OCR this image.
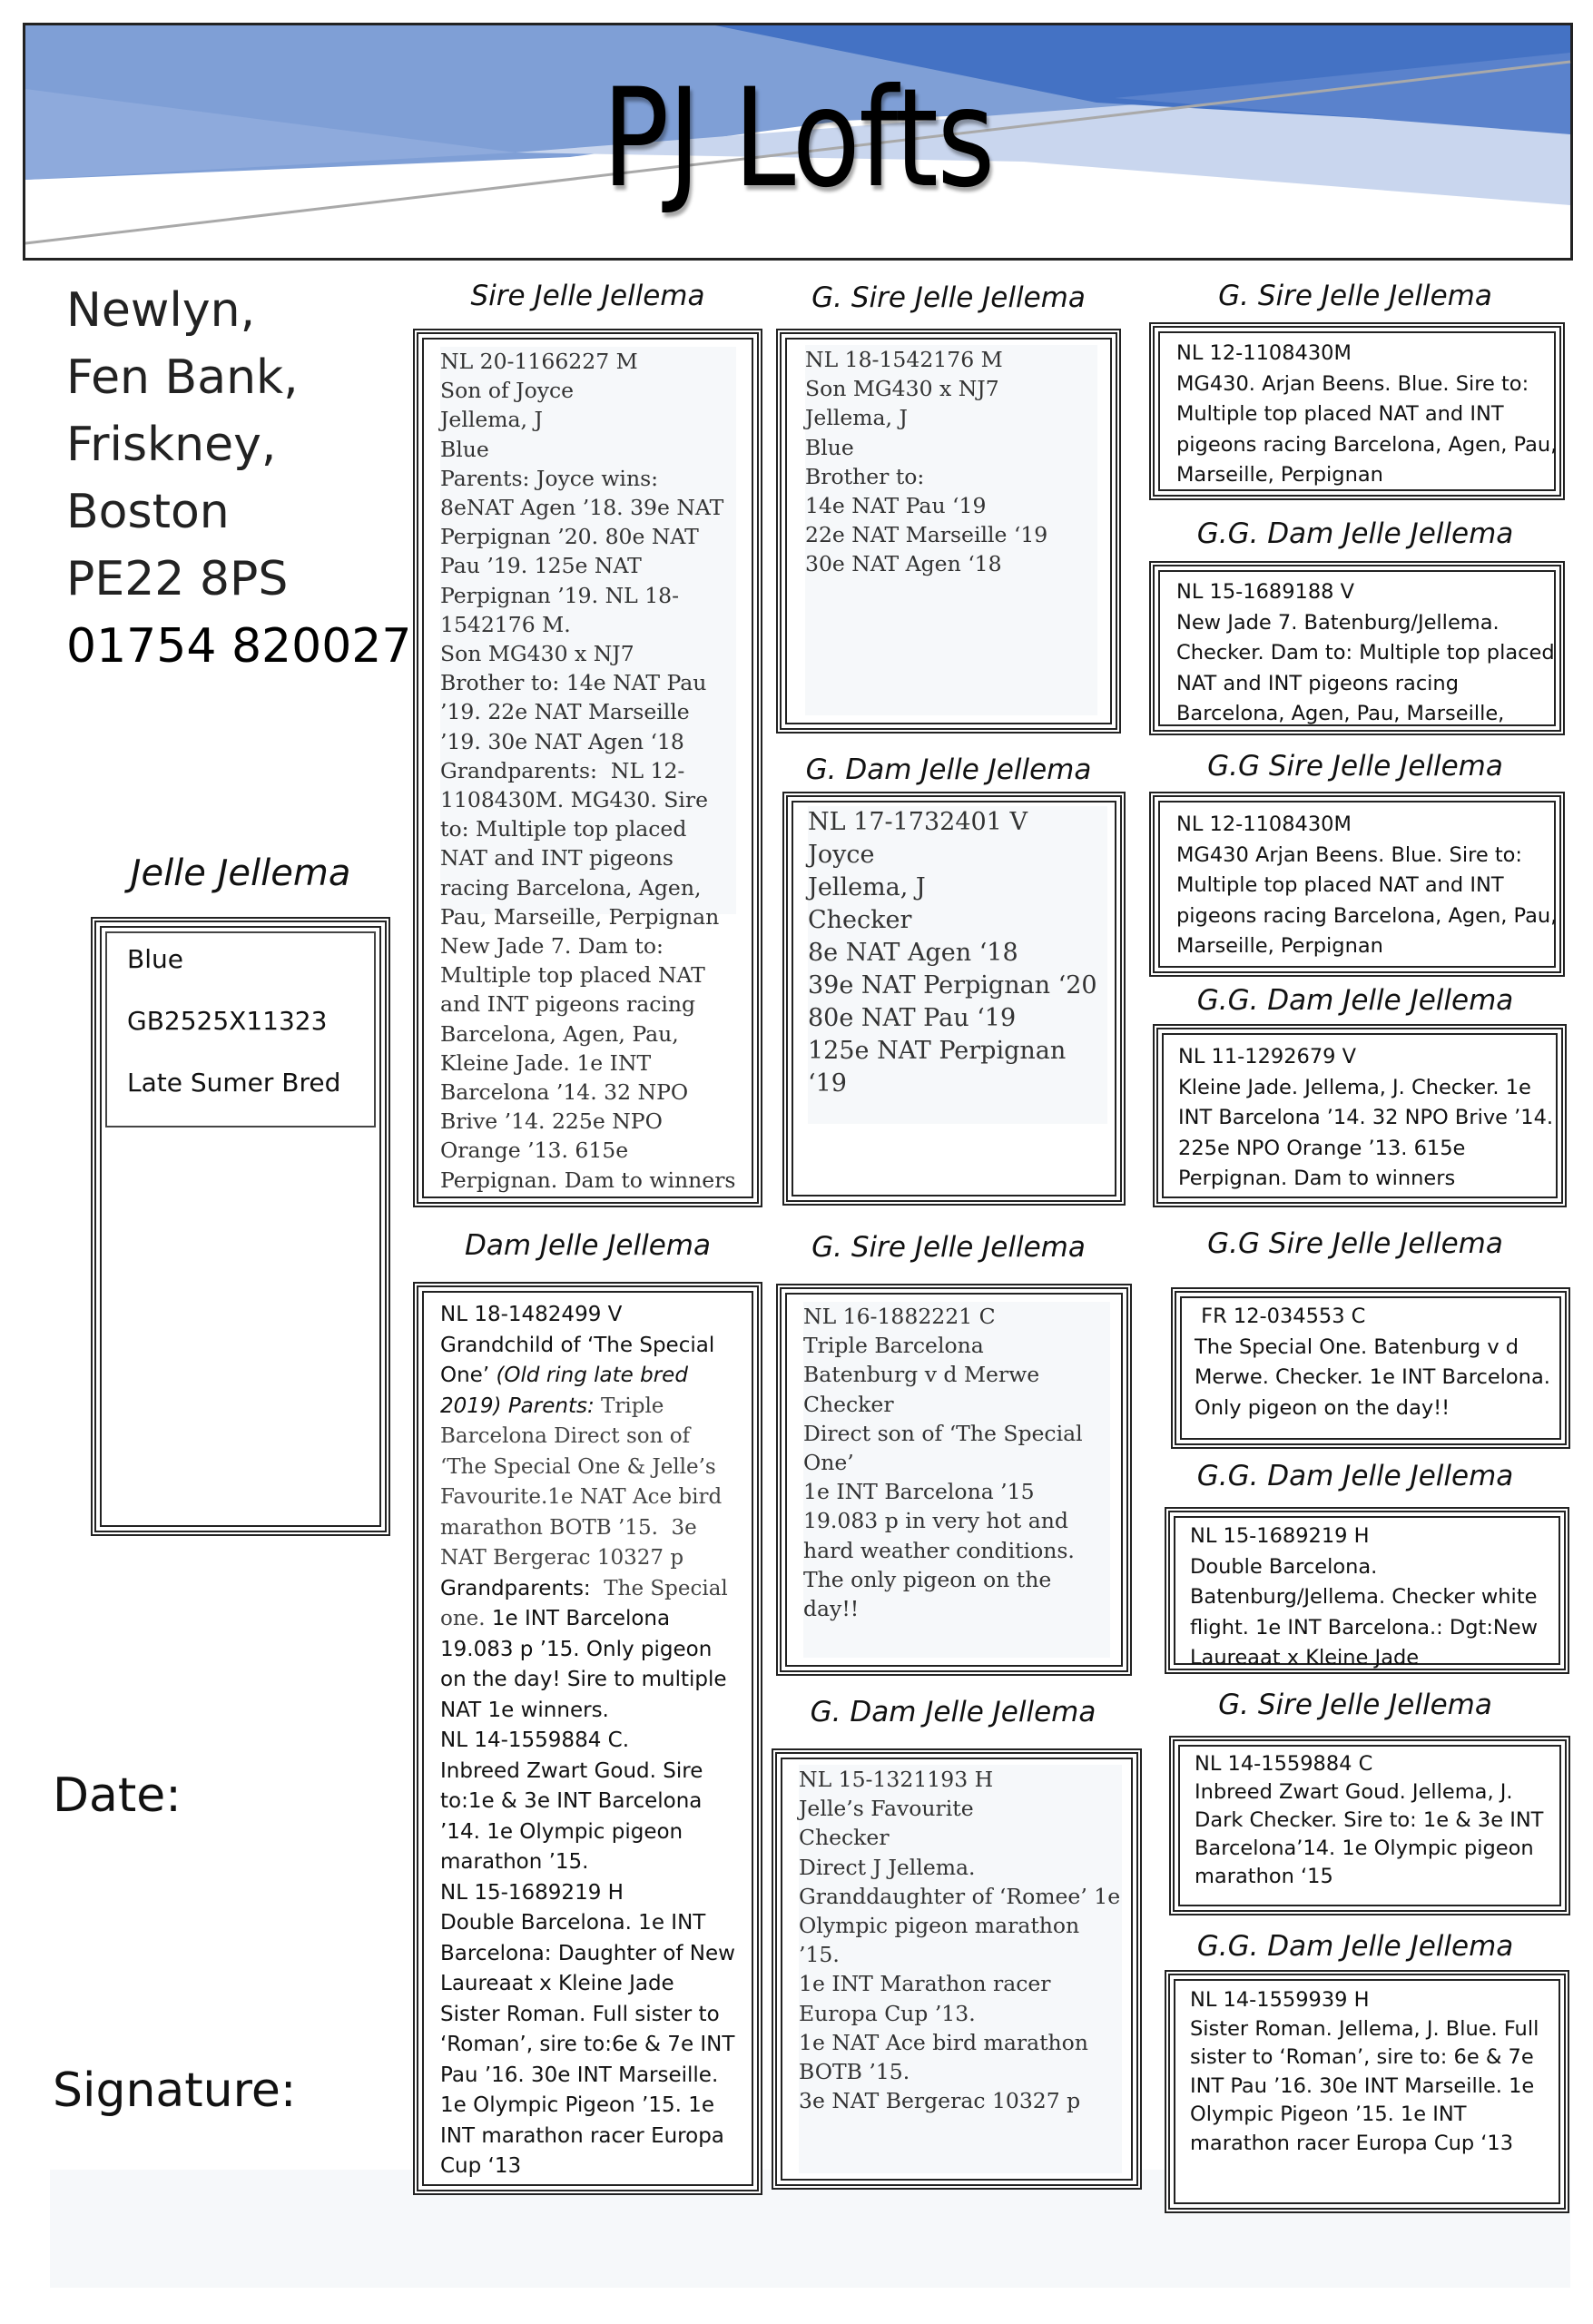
PJ Lofts
Newlyn,
Fen Bank,
Friskney,
Boston
PE22 8PS
01754 820027
Jelle Jellema
Blue
GB2525X11323
Late Sumer Bred
Date:
Signature:
Sire Jelle Jellema
NL 20-1166227 M
Son of Joyce
Jellema, J
Blue
Parents: Joyce wins: 8eNAT Agen ’18. 39e NAT Perpignan ’20. 80e NAT Pau ’19. 125e NAT Perpignan ’19. NL 18-1542176 M.
Son MG430 x NJ7
Brother to: 14e NAT Pau ’19. 22e NAT Marseille ’19. 30e NAT Agen ‘18
Grandparents:  NL 12-1108430M. MG430. Sire to: Multiple top placed NAT and INT pigeons racing Barcelona, Agen, Pau, Marseille, Perpignan
New Jade 7. Dam to: Multiple top placed NAT and INT pigeons racing Barcelona, Agen, Pau, Kleine Jade. 1e INT Barcelona ’14. 32 NPO Brive ’14. 225e NPO Orange ’13. 615e Perpignan. Dam to winners
Dam Jelle Jellema
NL 18-1482499 V
Grandchild of ‘The Special One’ (Old ring late bred 2019) Parents: Triple Barcelona Direct son of ‘The Special One & Jelle’s Favourite.1e NAT Ace bird marathon BOTB ’15.  3e NAT Bergerac 10327 p
Grandparents:  The Special one. 1e INT Barcelona 19.083 p ’15. Only pigeon on the day! Sire to multiple NAT 1e winners.
NL 14-1559884 C.
Inbreed Zwart Goud. Sire to:1e & 3e INT Barcelona ’14. 1e Olympic pigeon marathon ’15.
NL 15-1689219 H
Double Barcelona. 1e INT Barcelona: Daughter of New Laureaat x Kleine Jade
Sister Roman. Full sister to ‘Roman’, sire to:6e & 7e INT Pau ’16. 30e INT Marseille. 1e Olympic Pigeon ’15. 1e INT marathon racer Europa Cup ‘13
G. Sire Jelle Jellema
NL 18-1542176 M
Son MG430 x NJ7
Jellema, J
Blue
Brother to:
14e NAT Pau ‘19
22e NAT Marseille ‘19
30e NAT Agen ‘18
G. Dam Jelle Jellema
NL 17-1732401 V
Joyce
Jellema, J
Checker
8e NAT Agen ‘18
39e NAT Perpignan ‘20
80e NAT Pau ‘19
125e NAT Perpignan ‘19
G. Sire Jelle Jellema
NL 16-1882221 C
Triple Barcelona
Batenburg v d Merwe
Checker
Direct son of ‘The Special One’
1e INT Barcelona ’15
19.083 p in very hot and hard weather conditions.
The only pigeon on the day!!
G. Dam Jelle Jellema
NL 15-1321193 H
Jelle’s Favourite
Checker
Direct J Jellema.
Granddaughter of ‘Romee’ 1e Olympic pigeon marathon ’15.
1e INT Marathon racer Europa Cup ’13.
1e NAT Ace bird marathon BOTB ’15.
3e NAT Bergerac 10327 p
G. Sire Jelle Jellema
NL 12-1108430M
MG430. Arjan Beens. Blue. Sire to: Multiple top placed NAT and INT pigeons racing Barcelona, Agen, Pau, Marseille, Perpignan
G.G. Dam Jelle Jellema
NL 15-1689188 V
New Jade 7. Batenburg/Jellema. Checker. Dam to: Multiple top placed NAT and INT pigeons racing Barcelona, Agen, Pau, Marseille,
G.G Sire Jelle Jellema
NL 12-1108430M
MG430 Arjan Beens. Blue. Sire to: Multiple top placed NAT and INT pigeons racing Barcelona, Agen, Pau, Marseille, Perpignan
G.G. Dam Jelle Jellema
NL 11-1292679 V
Kleine Jade. Jellema, J. Checker. 1e INT Barcelona ’14. 32 NPO Brive ’14. 225e NPO Orange ’13. 615e Perpignan. Dam to winners
G.G Sire Jelle Jellema
FR 12-034553 C
The Special One. Batenburg v d Merwe. Checker. 1e INT Barcelona. Only pigeon on the day!!
G.G. Dam Jelle Jellema
NL 15-1689219 H
Double Barcelona. Batenburg/Jellema. Checker white flight. 1e INT Barcelona.: Dgt:New Laureaat x Kleine Jade
G. Sire Jelle Jellema
NL 14-1559884 C
Inbreed Zwart Goud. Jellema, J. Dark Checker. Sire to: 1e & 3e INT Barcelona’14. 1e Olympic pigeon marathon ‘15
G.G. Dam Jelle Jellema
NL 14-1559939 H
Sister Roman. Jellema, J. Blue. Full sister to ‘Roman’, sire to: 6e & 7e INT Pau ’16. 30e INT Marseille. 1e Olympic Pigeon ’15. 1e INT marathon racer Europa Cup ‘13
